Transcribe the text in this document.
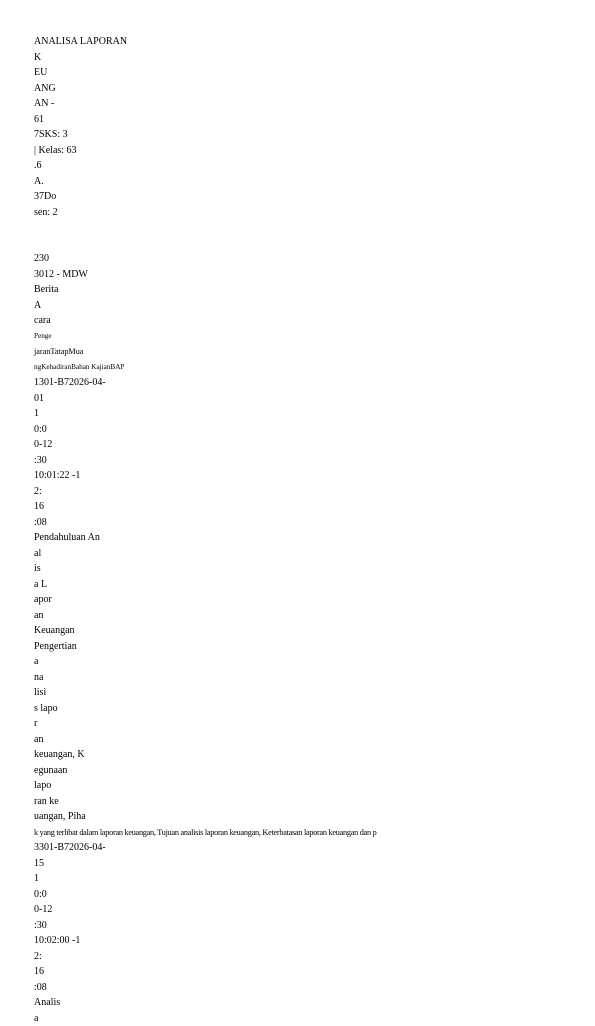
ANALISA LAPORAN
K
EU
ANG
AN -
61
7SKS: 3
| Kelas: 63
.6
A.
37Do
sen: 2
230
3012 - MDW
Berita
A
cara
Penge
jaranTatapMua
ngKehadiranBahan KajianBAP
1301-B72026-04-
01
1
0:0
0-12
:30
10:01:22 -1
2:
16
:08
Pendahuluan An
al
is
a L
apor
an
Keuangan
Pengertian
a
na
lisi
s lapo
r
an
keuangan, K
egunaan
lapo
ran ke
uangan, Piha
k yang terlibat dalam laporan keuangan, Tujuan analisis laporan keuangan, Keterbatasan laporan keuangan dan p
3301-B72026-04-
15
1
0:0
0-12
:30
10:02:00 -1
2:
16
:08
Analis
a
